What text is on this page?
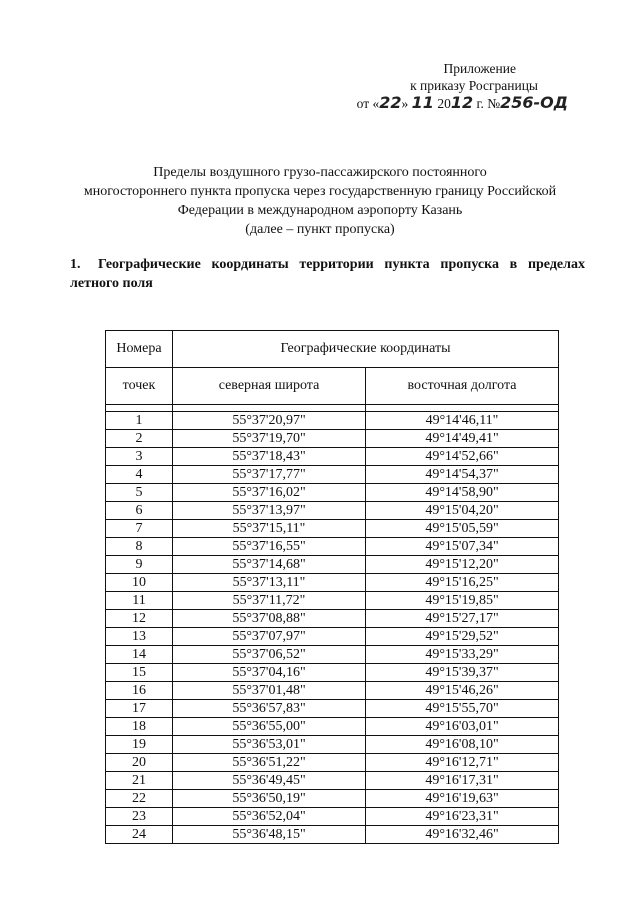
Приложение
к приказу Росграницы
от «22» 11 2012 г. №256-ОД
Пределы воздушного грузо-пассажирского постоянного
многостороннего пункта пропуска через государственную границу Российской
Федерации в международном аэропорту Казань
(далее – пункт пропуска)
1. Географические координаты территории пункта пропуска в пределах летного поля
Номера	Географические координаты	
точек	северная широта	восточная долгота

1	55°37'20,97"	49°14'46,11"
2	55°37'19,70"	49°14'49,41"
3	55°37'18,43"	49°14'52,66"
4	55°37'17,77"	49°14'54,37"
5	55°37'16,02"	49°14'58,90"
6	55°37'13,97"	49°15'04,20"
7	55°37'15,11"	49°15'05,59"
8	55°37'16,55"	49°15'07,34"
9	55°37'14,68"	49°15'12,20"
10	55°37'13,11"	49°15'16,25"
11	55°37'11,72"	49°15'19,85"
12	55°37'08,88"	49°15'27,17"
13	55°37'07,97"	49°15'29,52"
14	55°37'06,52"	49°15'33,29"
15	55°37'04,16"	49°15'39,37"
16	55°37'01,48"	49°15'46,26"
17	55°36'57,83"	49°15'55,70"
18	55°36'55,00"	49°16'03,01"
19	55°36'53,01"	49°16'08,10"
20	55°36'51,22"	49°16'12,71"
21	55°36'49,45"	49°16'17,31"
22	55°36'50,19"	49°16'19,63"
23	55°36'52,04"	49°16'23,31"
24	55°36'48,15"	49°16'32,46"
